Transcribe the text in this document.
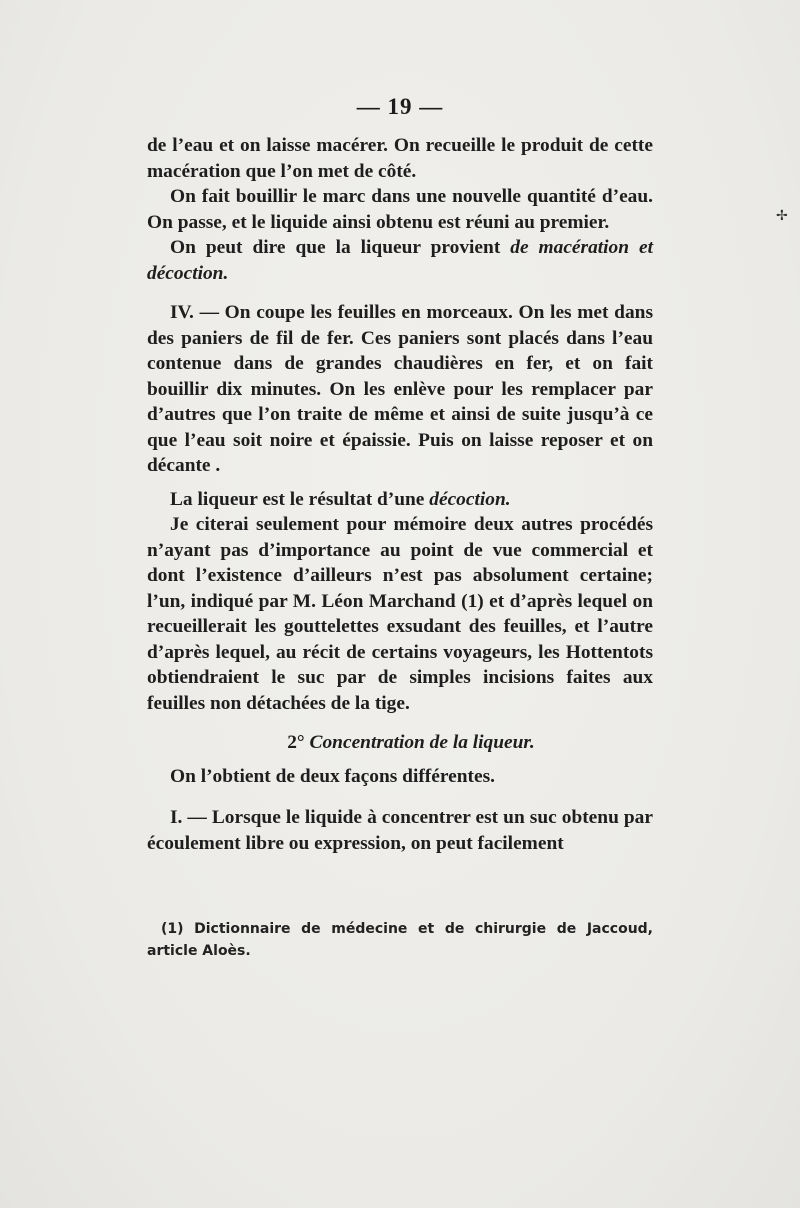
— 19 —
✢

de l’eau et on laisse macérer. On recueille le produit de cette macération que l’on met de côté.

On fait bouillir le marc dans une nouvelle quantité d’eau. On passe, et le liquide ainsi obtenu est réuni au premier.

On peut dire que la liqueur provient de macération et décoction.

IV. — On coupe les feuilles en morceaux. On les met dans des paniers de fil de fer. Ces paniers sont placés dans l’eau contenue dans de grandes chaudières en fer, et on fait bouillir dix minutes. On les enlève pour les remplacer par d’autres que l’on traite de même et ainsi de suite jusqu’à ce que l’eau soit noire et épaissie. Puis on laisse reposer et on décante .

La liqueur est le résultat d’une décoction.

Je citerai seulement pour mémoire deux autres procédés n’ayant pas d’importance au point de vue commercial et dont l’existence d’ailleurs n’est pas absolument certaine; l’un, indiqué par M. Léon Marchand (1) et d’après lequel on recueillerait les gouttelettes exsudant des feuilles, et l’autre d’après lequel, au récit de certains voyageurs, les Hottentots obtiendraient le suc par de simples incisions faites aux feuilles non détachées de la tige.

2° Concentration de la liqueur.

On l’obtient de deux façons différentes.

I. — Lorsque le liquide à concentrer est un suc obtenu par écoulement libre ou expression, on peut facilement

(1) Dictionnaire de médecine et de chirurgie de Jaccoud, article Aloès.
